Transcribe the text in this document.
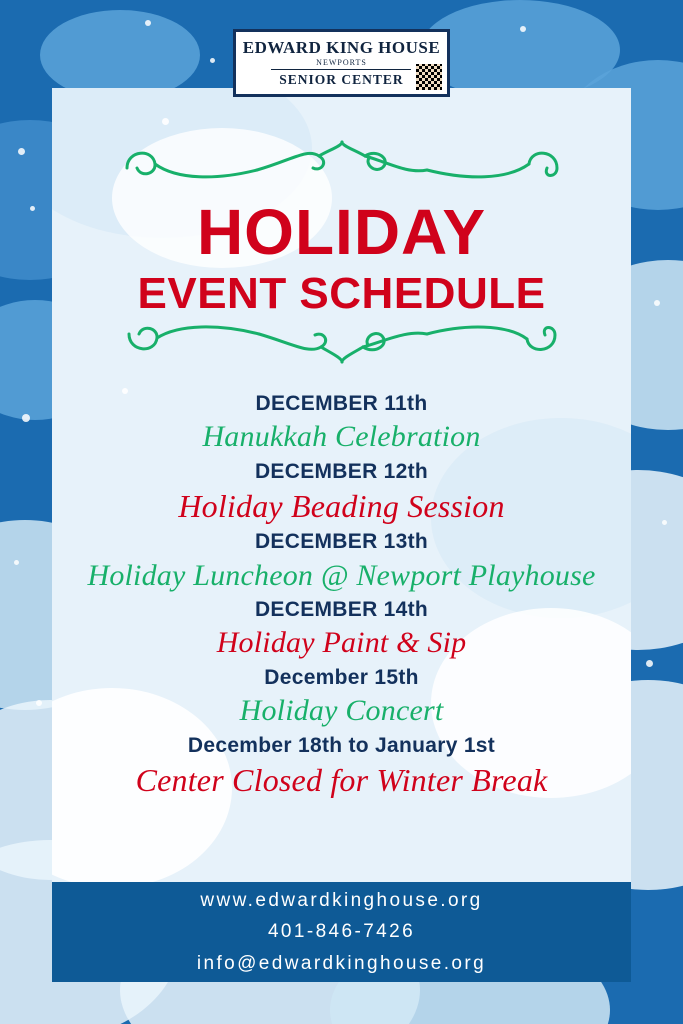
HOLIDAY
EVENT SCHEDULE
DECEMBER 11th
Hanukkah Celebration
DECEMBER 12th
Holiday Beading Session
DECEMBER 13th
Holiday Luncheon @ Newport Playhouse
DECEMBER 14th
Holiday Paint & Sip
December 15th
Holiday Concert
December 18th to January 1st
Center Closed for Winter Break
www.edwardkinghouse.org
401-846-7426
info@edwardkinghouse.org
EDWARD KING HOUSE
NEWPORTS
SENIOR CENTER
